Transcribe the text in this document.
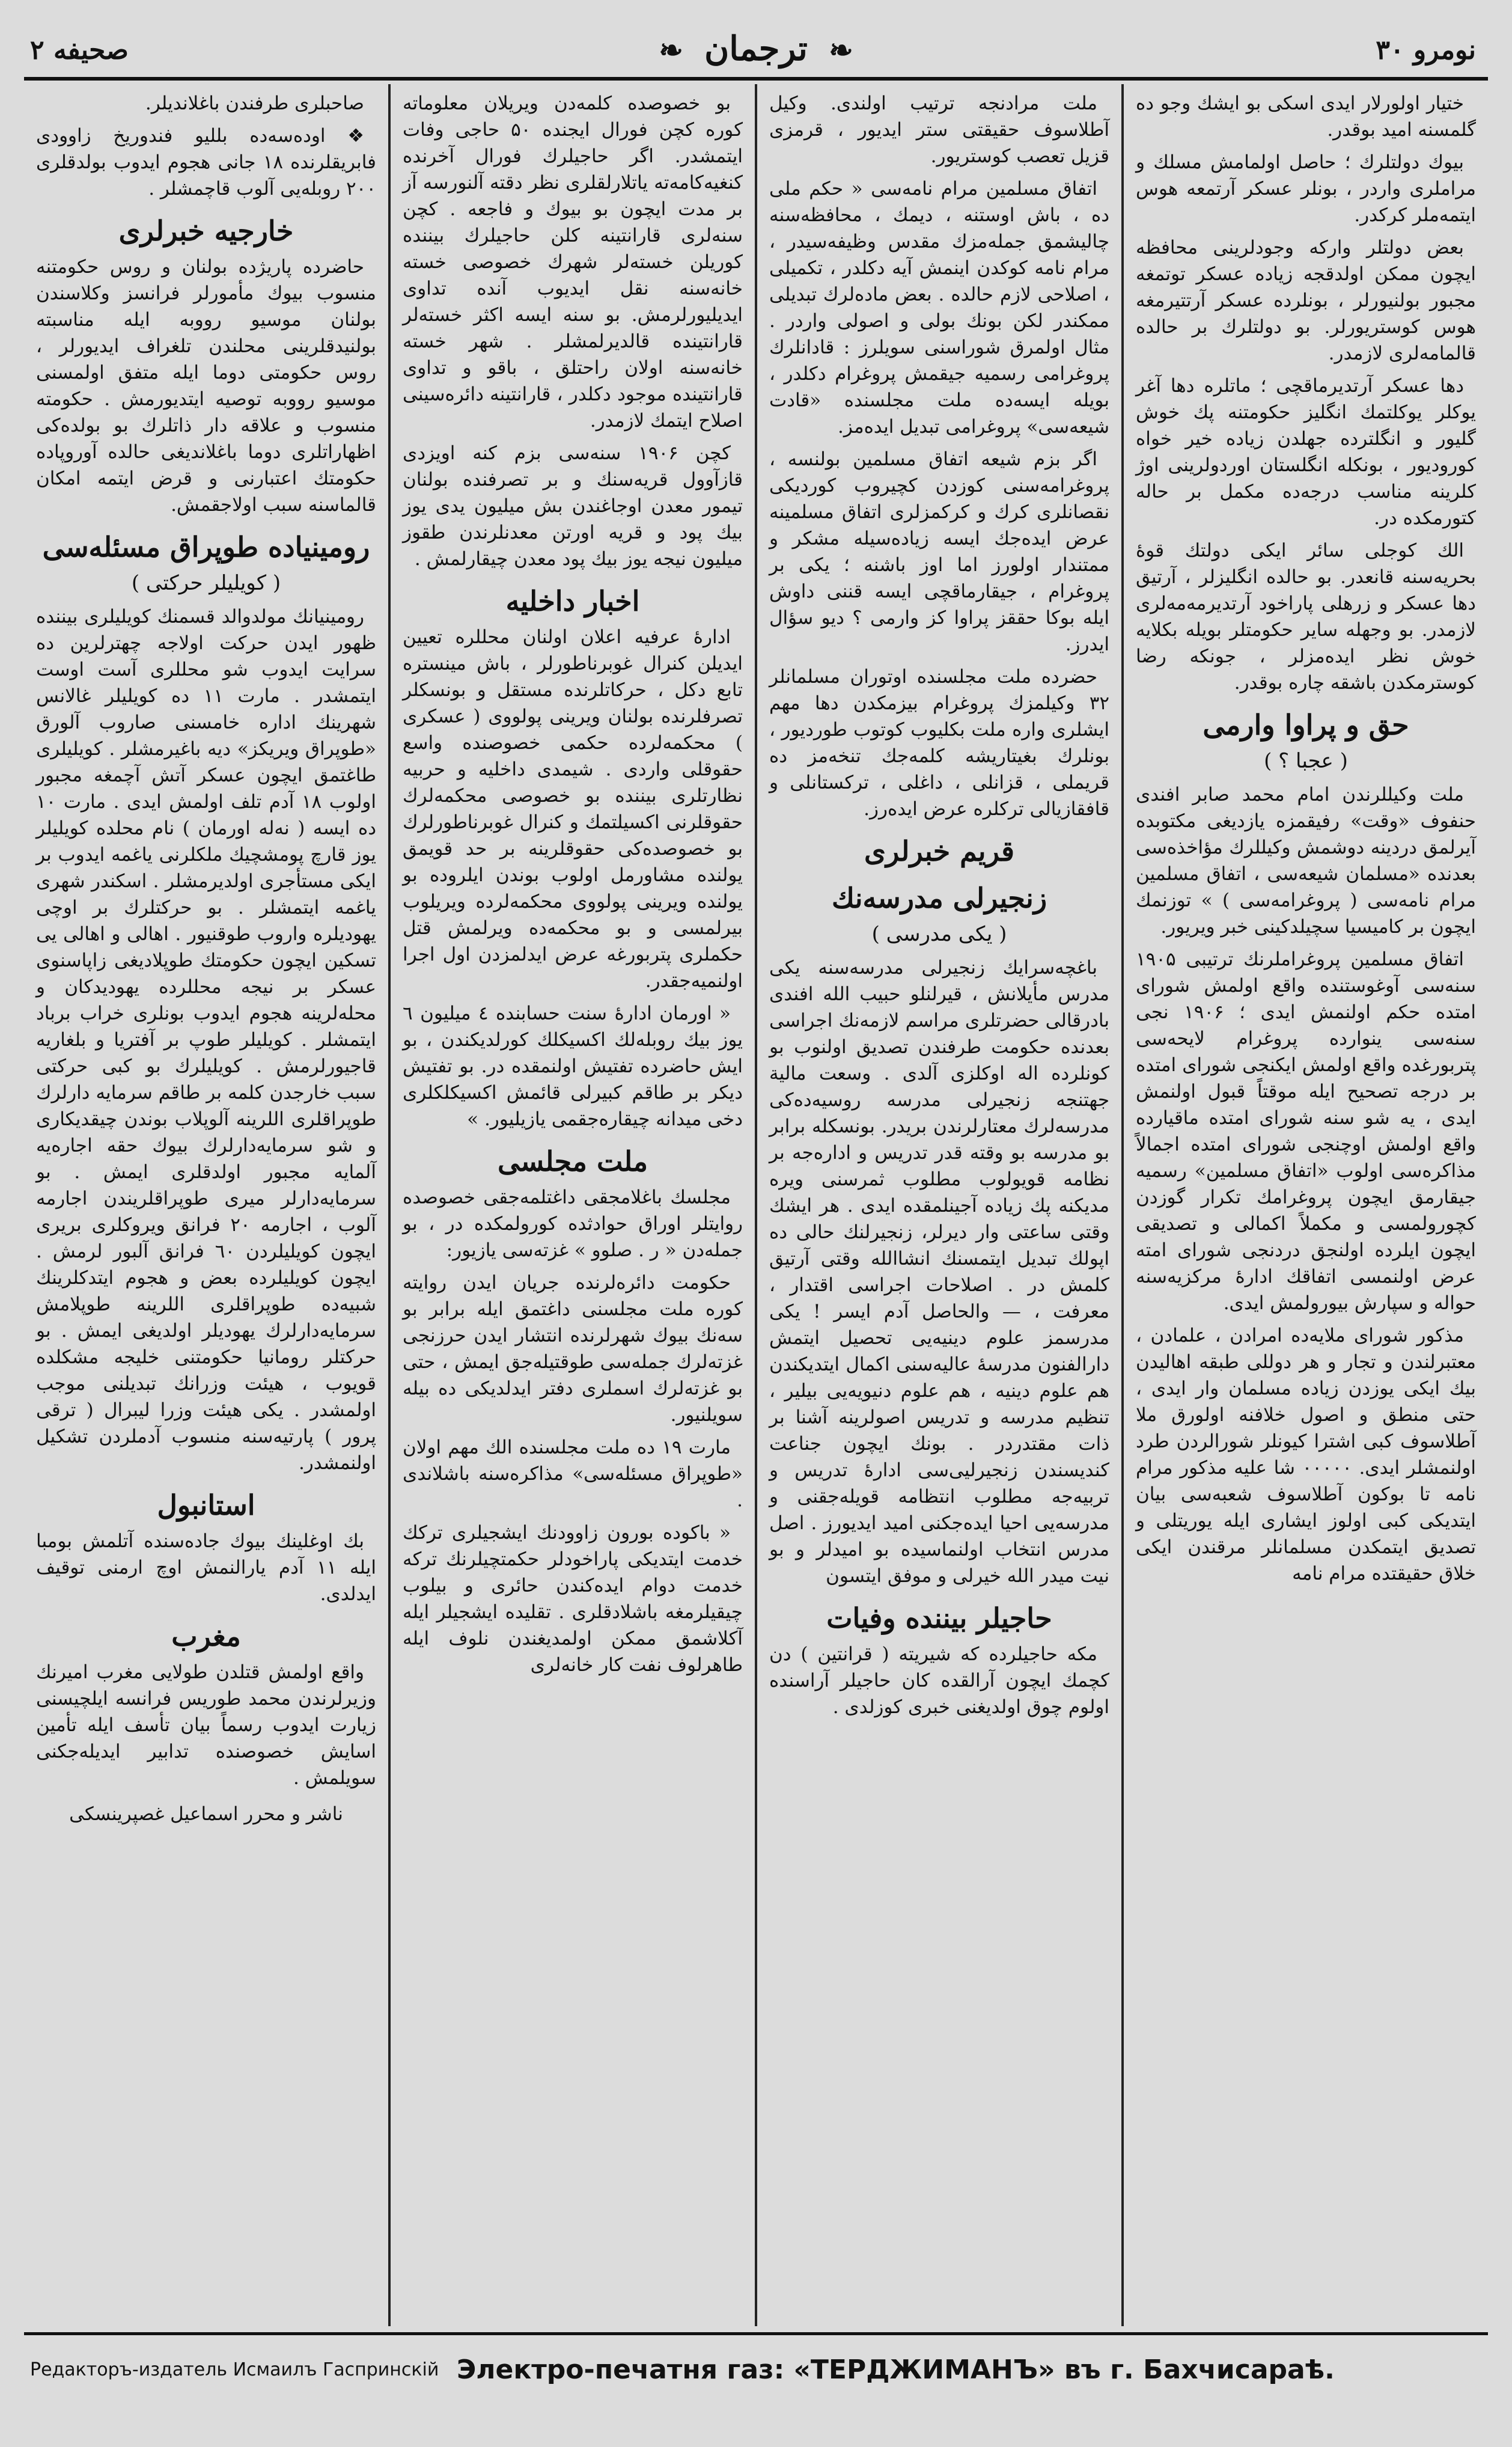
نومرو ۳۰
❧ ترجمان ❧
صحيفه ۲

ختيار اولورلار ايدى اسكى بو ايشك وجو ده گلمسنه اميد بوقدر.

بيوك دولتلرك ؛ حاصل اولمامش مسلك و مراملرى واردر ، بونلر عسكر آرتمعه هوس ايتمه‌ملر كركدر.

بعض دولتلر وارکه وجودلرينى محافظه ايچون ممكن اولدقجه زياده عسكر توتمغه مجبور بولنيورلر ، بونلرده عسكر آرتتيرمغه هوس كوستريورلر. بو دولتلرك بر حالده قالمامه‌لرى لازمدر.

دها عسكر آرتديرماقچى ؛ ماتلره دها آغر يوكلر يوكلتمك انگليز حكومتنه پك خوش گليور و انگلترده جهلدن زياده خير خواه كوروديور ، بونكله انگلستان اوردولرينى اوژ كلرينه مناسب درجه‌ده مكمل بر حاله كتورمكده در.

الك كوجلى سائر ايكى دولتك قوۀ بحريه‌سنه قانعدر. بو حالده انگليزلر ، آرتيق دها عسكر و زرهلى پاراخود آرتديرمه‌مه‌لرى لازمدر. بو وجهله ساير حكومتلر بويله بكلايه خوش نظر ايده‌مزلر ، جونكه رضا كوسترمكدن باشقه چاره بوقدر.

حق و پراوا وارمى
( عجبا ؟ )

ملت وكيللرندن امام محمد صابر افندى حنفوف «وقت» رفيقمزه يازديغى مكتوبده آيرلمق دردينه دوشمش وكيللرك مؤاخذه‌سى بعدنده «مسلمان شيعه‌سى ، اتفاق مسلمين مرام نامه‌سى ( پروغرامه‌سى ) » توزنمك ايچون بر كاميسيا سچيلدكينى خبر ويريور.

اتفاق مسلمين پروغراملرنك ترتيبى ۱۹۰۵ سنه‌سى آوغوستنده واقع اولمش شوراى امتده حكم اولنمش ايدى ؛ ۱۹۰۶ نجى سنه‌سى ينوارده پروغرام لايحه‌سى پتربورغده واقع اولمش ايكنجى شوراى امتده بر درجه تصحيح ايله موقتاً قبول اولنمش ايدى ، يه شو سنه شوراى امتده ماقيارده واقع اولمش اوچنجى شوراى امتده اجمالاً مذاكره‌سى اولوب «اتفاق مسلمين» رسميه جيقارمق ايچون پروغرامك تكرار گوزدن كچورولمسى و مكملاً اكمالى و تصديقى ايچون ايلرده اولنجق دردنجى شوراى امته عرض اولنمسى اتفاقك ادارۀ مركزيه‌سنه حواله و سپارش بيورولمش ايدى.

مذكور شوراى ملايه‌ده امرادن ، علمادن ، معتبرلندن و تجار و هر دوللى طبقه اهاليدن بيك ايكى يوزدن زياده مسلمان وار ايدى ، حتى منطق و اصول خلافنه اولورق ملا آطلاسوف كبى اشترا كيونلر شورالردن طرد اولنمشلر ايدى. ۰۰۰۰۰ شا عليه مذكور مرام نامه تا بوكون آطلاسوف شعبه‌سى بيان ايتديكى كبى اولوز ايشارى ايله يوريتلى و تصديق ايتمكدن مسلمانلر مرقندن ايكى خلاق حقيقتده مرام نامه

ملت مرادنجه ترتيب اولندى. وكيل آطلاسوف حقيقتى ستر ايديور ، قرمزى قزيل تعصب كوستريور.

اتفاق مسلمين مرام نامه‌سى « حكم ملى ‌ده ، باش اوستنه ، ديمك ، محافظه‌سنه چاليشمق جمله‌مزك مقدس وظيفه‌سيدر ، مرام نامه كوكدن اينمش آيه دكلدر ، تكميلى ، اصلاحى لازم حالده . بعض ماده‌لرك تبديلى ممكندر لكن بونك بولى و اصولى واردر . مثال اولمرق شوراسنى سويلرز : قادانلرك پروغرامى رسميه جيقمش پروغرام دكلدر ، بويله ايسه‌ده ملت مجلسنده «قادت شيعه‌سى» پروغرامى تبديل ايده‌مز.

اگر بزم شيعه اتفاق مسلمين بولنسه ، پروغرامه‌سنى كوزدن كچيروب كورديكى نقصانلرى كرك و كركمزلرى اتفاق مسلمينه عرض ايده‌جك ايسه زياده‌سيله مشكر و ممتندار اولورز اما اوز باشنه ؛ يكى بر پروغرام ، جيقارماقچى ايسه قننى داوش ايله بوكا حققز پراوا كز وارمى ؟ ديو سؤال ايدرز.

حضرده ملت مجلسنده اوتوران مسلمانلر ۳۲ وكيلمزك پروغرام بيزمكدن دها مهم ايشلرى واره ملت بكليوب كوتوب طورديور ، بونلرك بغيتاريشه كلمه‌جك تنخه‌مز ده قريملى ، قزانلى ، داغلى ، تركستانلى و قافقازيالى تركلره عرض ايده‌رز.

قريم خبرلرى
زنجيرلى مدرسه‌نك
( يكى مدرسى )

باغچه‌سرايك زنجيرلى مدرسه‌سنه يكى مدرس مأيلانش ، قيرلنلو حبيب الله افندى بادرقالى حضرتلرى مراسم لازمه‌نك اجراسى بعدنده حكومت طرفندن تصديق اولنوب بو كونلرده اله اوكلزى آلدى . وسعت مالية جهتنجه زنجيرلى مدرسه روسيه‌ده‌كى مدرسه‌لرك معتارلرندن بريدر. بونسكله برابر بو مدرسه بو وقته قدر تدريس و اداره‌جه بر نظامه قويولوب مطلوب ثمرسنى ويره مديكنه پك زياده آجينلمقده ايدى . هر ايشك وقتى ساعتى وار ديرلر، زنجيرلنك حالى ده اپولك تبديل ايتمسنك انشاالله وقتى آرتيق كلمش در . اصلاحات اجراسى اقتدار ، معرفت ، — والحاصل آدم ايسر ! يكى مدرسمز علوم دينيه‌يى تحصيل ايتمش دارالفنون مدرسۀ عاليه‌سنى اكمال ايتديكندن هم علوم دينيه ، هم علوم دنيويه‌يى بيلير ، تنظيم مدرسه و تدريس اصولرينه آشنا بر ذات مقتدردر . بونك ايچون جناعت كنديسندن زنجيرليى‌سى ادارۀ تدريس و تربيه‌جه مطلوب انتظامه قويله‌جقنى و مدرسه‌يى احيا ايده‌جكنى اميد ايديورز . اصل مدرس انتخاب اولنماسيده بو اميدلر و بو نيت ميدر الله خيرلى و موفق ايتسون

حاجيلر بيننده وفيات

مكه حاجيلرده كه شيريته ( قرانتين ) دن كچمك ايچون آرالقده كان حاجيلر آراسنده اولوم چوق اولديغنى خبرى كوزلدى .

بو خصوصده كلمه‌دن ويريلان معلوماته كوره كچن فورال ايجنده ۵۰ حاجى وفات ايتمشدر. اگر حاجيلرك فورال آخرنده كنغيه‌كامه‌ته ياتلارلقلرى نظر دقته آلنورسه آز بر مدت ايچون بو بيوك و فاجعه . كچن سنه‌لرى قارانتينه كلن حاجيلرك بيننده كوريلن خسته‌لر شهرك خصوصى خسته خانه‌سنه نقل ايديوب آنده تداوى ايديليورلرمش. بو سنه ايسه اكثر خسته‌لر قارانتينده قالديرلمشلر . شهر خسته خانه‌سنه اولان راحتلق ، باقو و تداوى قارانتينده موجود دكلدر ، قارانتينه دائره‌سينى اصلاح ايتمك لازمدر.

كچن ۱۹۰۶ سنه‌سى بزم كنه اويزدى قازآوول قريه‌سنك و بر تصرفنده بولنان تيمور معدن اوجاغندن بش ميليون يدى يوز بيك پود و قريه اورتن معدنلرندن طقوز ميليون نيجه يوز بيك پود معدن چيقارلمش .

اخبار داخليه

ادارۀ عرفيه اعلان اولنان محللره تعيين ايديلن كنرال غوبرناطورلر ، باش مينستره تابع دكل ، حركاتلرنده مستقل و بونسكلر تصرفلرنده بولنان ويرينى پولووى ( عسكرى ) محكمه‌لرده حكمى خصوصنده واسع حقوقلى واردى . شيمدى داخليه و حربيه نظارتلرى بيننده بو خصوصى محكمه‌لرك حقوقلرنى اكسيلتمك و كنرال غوبرناطورلرك بو خصوصده‌كى حقوقلرينه بر حد قويمق يولنده مشاورمل اولوب بوندن ايلروده بو يولنده ويرينى پولووى محكمه‌لرده ويريلوب بيرلمسى و بو محكمه‌ده ويرلمش قتل حكملرى پتربورغه عرض ايدلمزدن اول اجرا اولنميه‌جقدر.

« اورمان ادارۀ سنت حسابنده ٤ ميليون ٦ يوز بيك روبله‌لك اكسيكلك كورلديكندن ، بو ايش حاضرده تفتيش اولنمقده در. بو تفتيش ديكر بر طاقم كبيرلى قائمش اكسيكلكلرى دخى ميدانه چيقاره‌جقمى يازيليور. »

ملت مجلسى

مجلسك باغلامجقى داغتلمه‌جقى خصوصده روايتلر اوراق حوادثده كورولمكده در ، بو جمله‌دن « ر . صلوو » غزته‌سى يازيور:

حكومت دائره‌لرنده جريان ايدن روايته كوره ملت مجلسنى داغتمق ايله برابر بو سه‌نك بيوك شهرلرنده انتشار ايدن حرزنجى غزته‌لرك جمله‌سى طوقتيله‌جق ايمش ، حتى بو غزته‌لرك اسملرى دفتر ايدلديكى ده بيله سويلنيور.

مارت ١٩ ده ملت مجلسنده الك مهم اولان «طوپراق مسئله‌سى» مذاكره‌سنه باشلاندى .

« باكوده بورون زاوودنك ايشجيلرى تركك خدمت ايتديكى پاراخودلر حكمتچيلرنك تركه خدمت دوام ايده‌كندن حائرى و بيلوب چيقيلرمغه باشلادقلرى . تقليده ايشجيلر ايله آكلاشمق ممكن اولمديغندن نلوف ايله طاهرلوف نفت كار خانه‌لرى

صاحبلرى طرفندن باغلانديلر.

❖ اوده‌سه‌ده بلليو فندوريخ زاوودى فابريقلرنده ۱۸ جانى هجوم ايدوب بولدقلرى ۲۰۰ روبله‌يى آلوب قاچمشلر .

خارجيه خبرلرى

حاضرده پاريژده بولنان و روس حكومتنه منسوب بيوك مأمورلر فرانسز وكلاسندن بولنان موسيو رووبه ايله مناسبته بولنيدقلرينى محلندن تلغراف ايديورلر ، روس حكومتى دوما ايله متفق اولمسنى موسيو رووبه توصيه ايتديورمش . حكومته منسوب و علاقه دار ذاتلرك بو بولده‌كى اظهاراتلرى دوما باغلانديغى حالده آوروپاده حكومتك اعتبارنى و قرض ايتمه امكان قالماسنه سبب اولاجقمش.

رومينياده طوپراق مسئله‌سى
( كويليلر حركتى )

رومينيانك مولدوالد قسمنك كويليلرى بيننده ظهور ايدن حركت اولاجه چهترلرين ده سرايت ايدوب شو محللرى آست اوست ايتمشدر . مارت ۱۱ ده كويليلر غالانس شهرينك اداره خامسنى صاروب آلورق «طوپراق ويريكز» ديه باغيرمشلر . كويليلرى طاغتمق ايچون عسكر آتش آچمغه مجبور اولوب ۱۸ آدم تلف اولمش ايدى . مارت ۱۰ ده ايسه ( نه‌له اورمان ) نام محلده كويليلر يوز قارچ پومشچيك ملكلرنى ياغمه ايدوب بر ايكى مستأجرى اولديرمشلر . اسكندر شهرى ياغمه ايتمشلر . بو حركتلرك بر اوچى يهوديلره واروب طوقنيور . اهالى و اهالى يى تسكين ايچون حكومتك طوپلاديغى زاپاسنوى عسكر بر نيجه محللرده يهوديدكان و محله‌لرينه هجوم ايدوب بونلرى خراب برباد ايتمشلر . كويليلر طوپ بر آفتريا و بلغاريه قاجيورلرمش . كويليلرك بو كبى حركتى سبب خارجدن كلمه بر طاقم سرمايه دارلرك طوپراقلرى اللرينه آلوپلاب بوندن چيقديكارى و شو سرمايه‌دارلرك بيوك حقه اجاره‌يه آلمايه مجبور اولدقلرى ايمش . بو سرمايه‌دارلر ميرى طوپراقلريندن اجارمه آلوب ، اجارمه ۲۰ فرانق ويروكلرى بريرى ايچون كويليلردن ٦۰ فرانق آلبور لرمش . ايچون كويليلرده بعض و هجوم ايتدكلرينك شبيه‌ده طوپراقلرى اللرينه طوپلامش سرمايه‌دارلرك يهوديلر اولديغى ايمش . بو حركتلر رومانيا حكومتنى خليجه مشكلده قويوب ، هيئت وزرانك تبديلنى موجب اولمشدر . يكى هيئت وزرا ليبرال ( ترقى پرور ) پارتيه‌سنه منسوب آدملردن تشكيل اولنمشدر.

استانبول

بك اوغلينك بيوك جاده‌سنده آتلمش بومبا ايله ۱۱ آدم يارالنمش اوچ ارمنى توقيف ايدلدى.

مغرب

واقع اولمش قتلدن طولايى مغرب اميرنك وزيرلرندن محمد طوريس فرانسه ايلچيسنى زيارت ايدوب رسماً بيان تأسف ايله تأمين اسايش خصوصنده تدابير ايديله‌جكنى سويلمش .

ناشر و محرر اسماعيل غصپرينسكى
Редакторъ-издатель Исмаилъ Гаспринскій Электро-печатня газ: «ТЕРДЖИМАНЪ» въ г. Бахчисараѣ.
